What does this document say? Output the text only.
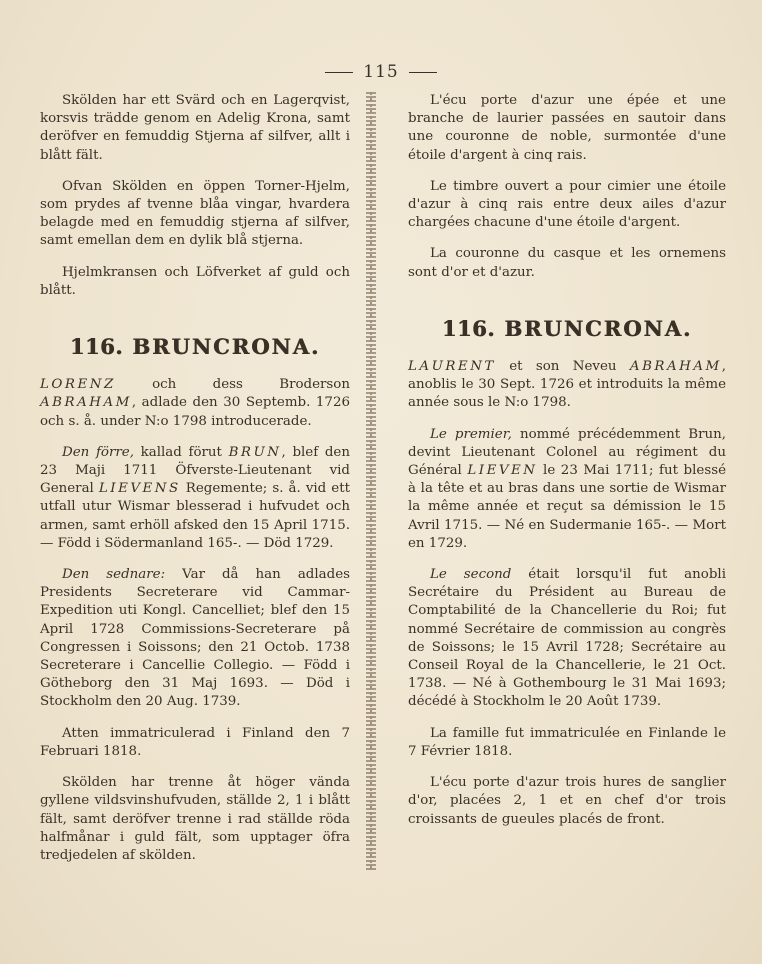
115

Skölden har ett Svärd och en Lagerqvist, korsvis trädde genom en Adelig Krona, samt deröfver en femuddig Stjerna af silfver, allt i blått fält.

Ofvan Skölden en öppen Torner-Hjelm, som prydes af tvenne blåa vingar, hvardera belagde med en femuddig stjerna af silfver, samt emellan dem en dylik blå stjerna.

Hjelmkransen och Löfverket af guld och blått.

116. BRUNCRONA.

LORENZ och dess Broderson ABRAHAM, adlade den 30 Septemb. 1726 och s. å. under N:o 1798 introducerade.

Den förre, kallad förut BRUN, blef den 23 Maji 1711 Öfverste-Lieutenant vid General LIEVENS Regemente; s. å. vid ett utfall utur Wismar blesserad i hufvudet och armen, samt erhöll afsked den 15 April 1715. — Född i Södermanland 165-. — Död 1729.

Den sednare: Var då han adlades Presidents Secreterare vid Cammar-Expedition uti Kongl. Cancelliet; blef den 15 April 1728 Commissions-Secreterare på Congressen i Soissons; den 21 Octob. 1738 Secreterare i Cancellie Collegio. — Född i Götheborg den 31 Maj 1693. — Död i Stockholm den 20 Aug. 1739.

Atten immatriculerad i Finland den 7 Februari 1818.

Skölden har trenne åt höger vända gyllene vildsvinshufvuden, ställde 2, 1 i blått fält, samt deröfver trenne i rad ställde röda halfmånar i guld fält, som upptager öfra tredjedelen af skölden.

L'écu porte d'azur une épée et une branche de laurier passées en sautoir dans une couronne de noble, surmontée d'une étoile d'argent à cinq rais.

Le timbre ouvert a pour cimier une étoile d'azur à cinq rais entre deux ailes d'azur chargées chacune d'une étoile d'argent.

La couronne du casque et les ornemens sont d'or et d'azur.

116. BRUNCRONA.

LAURENT et son Neveu ABRAHAM, anoblis le 30 Sept. 1726 et introduits la même année sous le N:o 1798.

Le premier, nommé précédemment Brun, devint Lieutenant Colonel au régiment du Général LIEVEN le 23 Mai 1711; fut blessé à la tête et au bras dans une sortie de Wismar la même année et reçut sa démission le 15 Avril 1715. — Né en Sudermanie 165-. — Mort en 1729.

Le second était lorsqu'il fut anobli Secrétaire du Président au Bureau de Comptabilité de la Chancellerie du Roi; fut nommé Secrétaire de commission au congrès de Soissons; le 15 Avril 1728; Secrétaire au Conseil Royal de la Chancellerie, le 21 Oct. 1738. — Né à Gothembourg le 31 Mai 1693; décédé à Stockholm le 20 Août 1739.

La famille fut immatriculée en Finlande le 7 Février 1818.

L'écu porte d'azur trois hures de sanglier d'or, placées 2, 1 et en chef d'or trois croissants de gueules placés de front.
